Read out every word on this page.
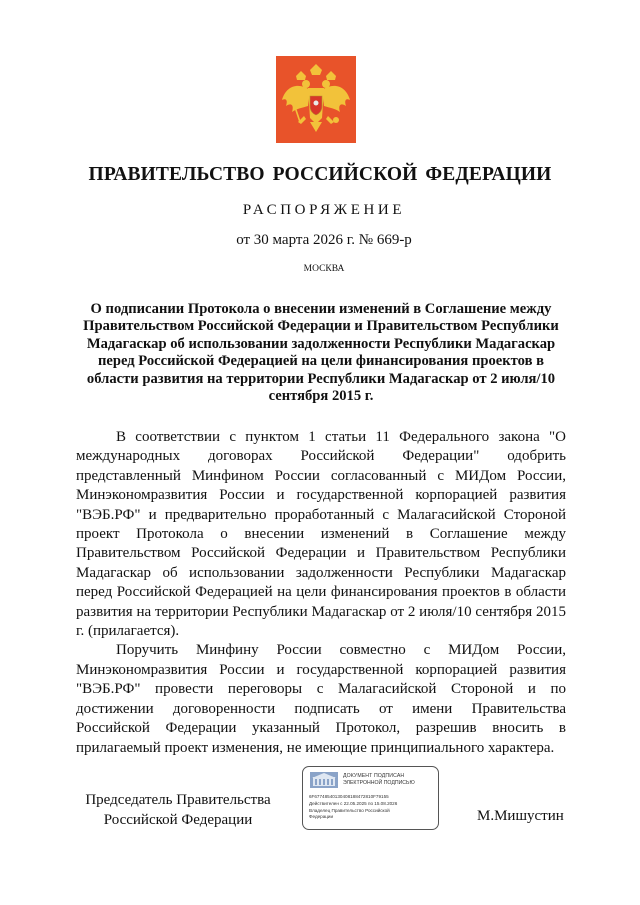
ПРАВИТЕЛЬСТВО РОССИЙСКОЙ ФЕДЕРАЦИИ
РАСПОРЯЖЕНИЕ
от 30 марта 2026 г. № 669-р
МОСКВА
О подписании Протокола о внесении изменений в Соглашение между Правительством Российской Федерации и Правительством Республики Мадагаскар об использовании задолженности Республики Мадагаскар перед Российской Федерацией на цели финансирования проектов в области развития на территории Республики Мадагаскар от 2 июля/10 сентября 2015 г.

В соответствии с пунктом 1 статьи 11 Федерального закона "О международных договорах Российской Федерации" одобрить представленный Минфином России согласованный с МИДом России, Минэкономразвития России и государственной корпорацией развития "ВЭБ.РФ" и предварительно проработанный с Малагасийской Стороной проект Протокола о внесении изменений в Соглашение между Правительством Российской Федерации и Правительством Республики Мадагаскар об использовании задолженности Республики Мадагаскар перед Российской Федерацией на цели финансирования проектов в области развития на территории Республики Мадагаскар от 2 июля/10 сентября 2015 г. (прилагается).

Поручить Минфину России совместно с МИДом России, Минэкономразвития России и государственной корпорацией развития "ВЭБ.РФ" провести переговоры с Малагасийской Стороной и по достижении договоренности подписать от имени Правительства Российской Федерации указанный Протокол, разрешив вносить в прилагаемый проект изменения, не имеющие принципиального характера.

Председатель Правительства
Российской Федерации
ДОКУМЕНТ ПОДПИСАН
ЭЛЕКТРОННОЙ ПОДПИСЬЮ
6F67748540130408188472810F79155
Действителен с 22.05.2025 по 15.08.2026
Владелец Правительство Российской
Федерации	М.Мишустин
